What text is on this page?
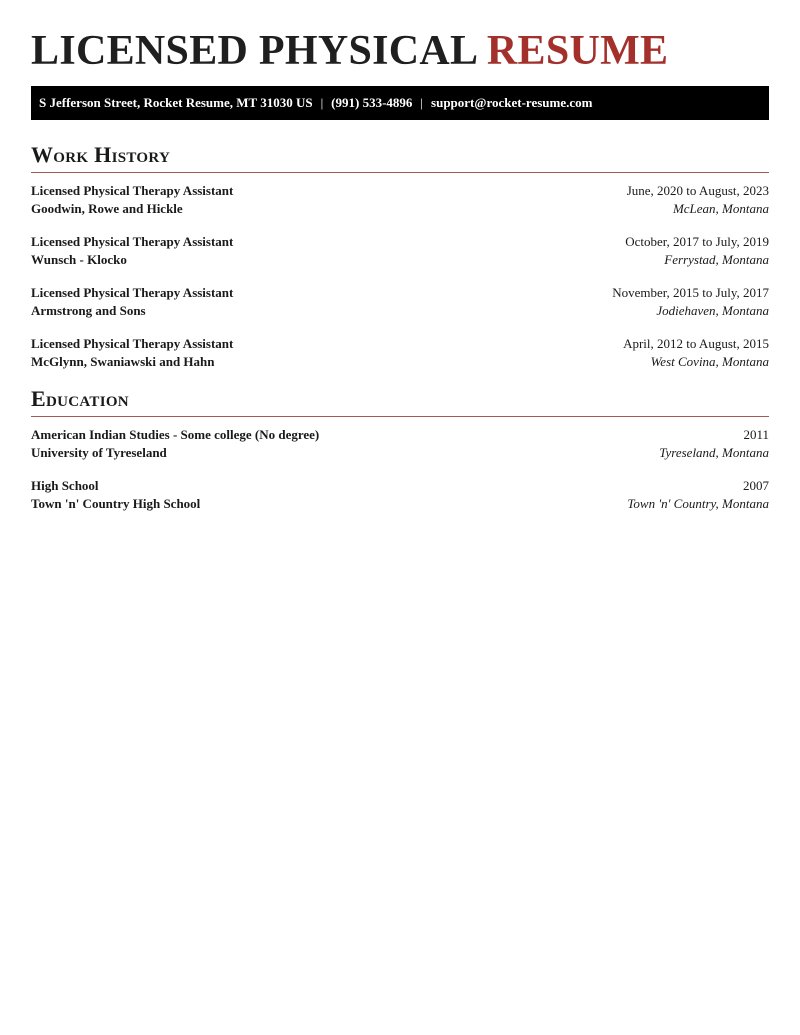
LICENSED PHYSICAL RESUME
S Jefferson Street, Rocket Resume, MT 31030 US | (991) 533-4896 | support@rocket-resume.com
Work History
Licensed Physical Therapy Assistant	June, 2020 to August, 2023
Goodwin, Rowe and Hickle	McLean, Montana
Licensed Physical Therapy Assistant	October, 2017 to July, 2019
Wunsch - Klocko	Ferrystad, Montana
Licensed Physical Therapy Assistant	November, 2015 to July, 2017
Armstrong and Sons	Jodiehaven, Montana
Licensed Physical Therapy Assistant	April, 2012 to August, 2015
McGlynn, Swaniawski and Hahn	West Covina, Montana
Education
American Indian Studies - Some college (No degree)	2011
University of Tyreseland	Tyreseland, Montana
High School	2007
Town 'n' Country High School	Town 'n' Country, Montana
